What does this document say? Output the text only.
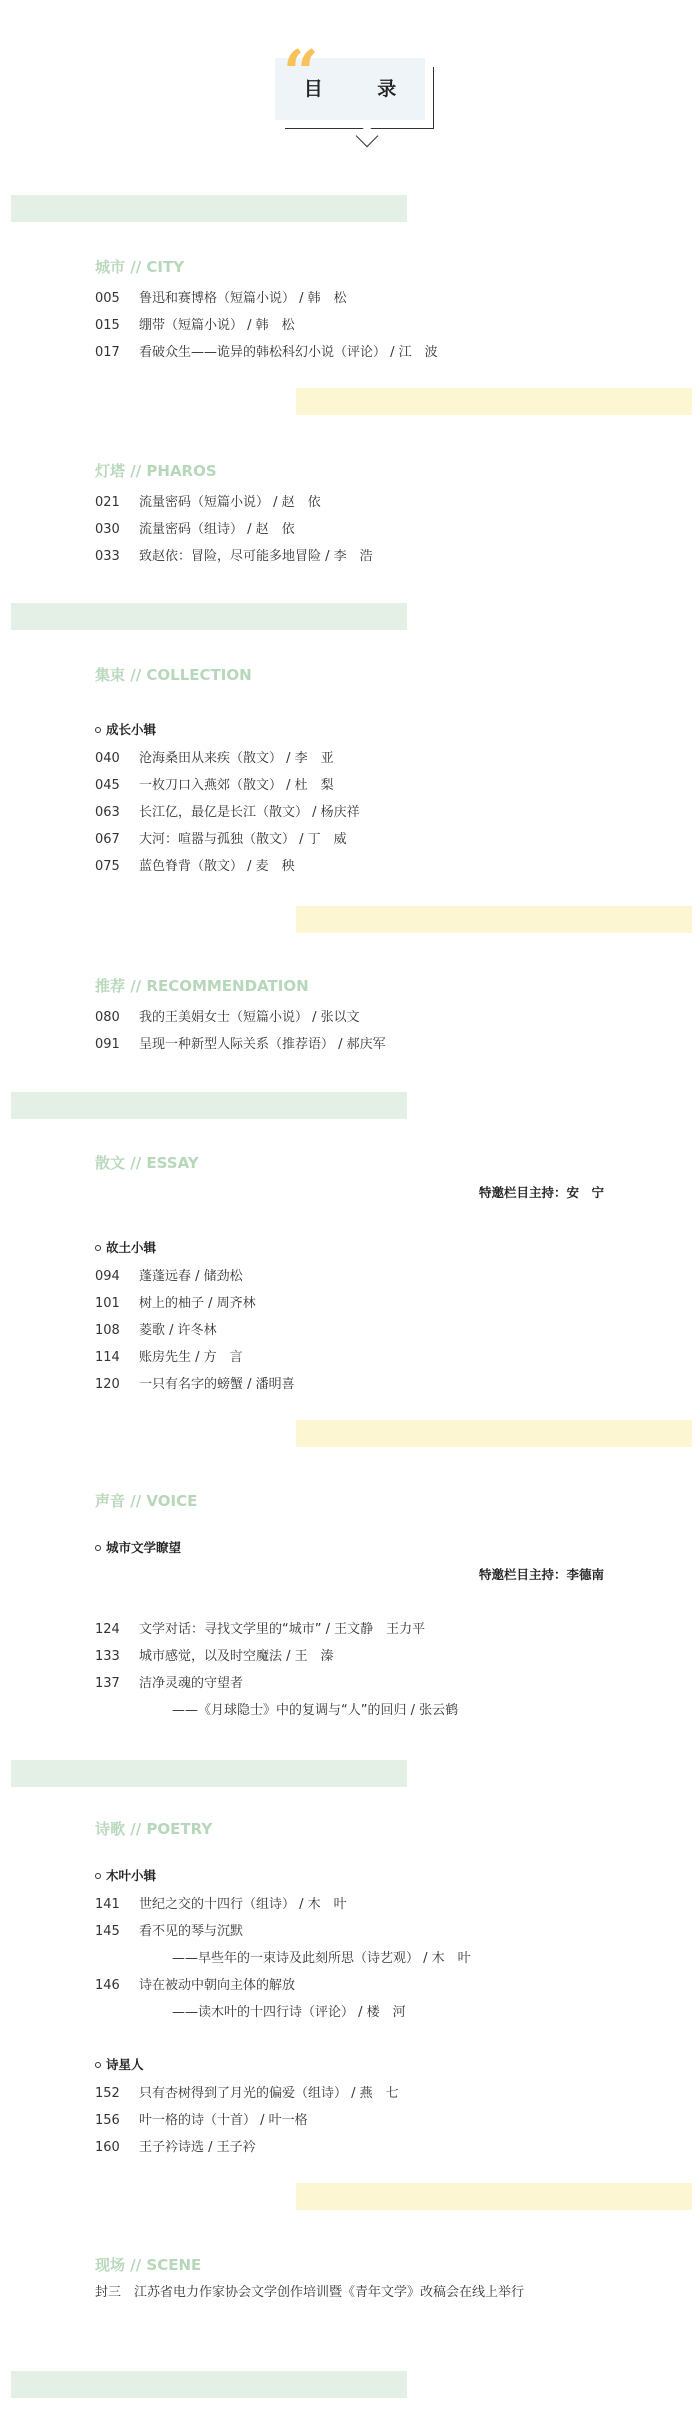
目 录
“
城市 // CITY
005 鲁迅和赛博格（短篇小说） / 韩　松
015 绷带（短篇小说） / 韩　松
017 看破众生——诡异的韩松科幻小说（评论） / 江　波
灯塔 // PHAROS
021 流量密码（短篇小说） / 赵　依
030 流量密码（组诗） / 赵　依
033 致赵依：冒险，尽可能多地冒险 / 李　浩
集束 // COLLECTION
成长小辑
040 沧海桑田从来疾（散文） / 李　亚
045 一枚刀口入燕郊（散文） / 杜　梨
063 长江亿，最亿是长江（散文） / 杨庆祥
067 大河：喧嚣与孤独（散文） / 丁　威
075 蓝色脊背（散文） / 麦　秧
推荐 // RECOMMENDATION
080 我的王美娟女士（短篇小说） / 张以文
091 呈现一种新型人际关系（推荐语） / 郝庆军
散文 // ESSAY
特邀栏目主持：安　宁
故土小辑
094 蓬蓬远春 / 储劲松
101 树上的柚子 / 周齐林
108 菱歌 / 许冬林
114 账房先生 / 方　言
120 一只有名字的螃蟹 / 潘明喜
声音 // VOICE
城市文学瞭望
特邀栏目主持：李德南
124 文学对话：寻找文学里的“城市” / 王文静　王力平
133 城市感觉，以及时空魔法 / 王　溱
137 洁净灵魂的守望者
——《月球隐士》中的复调与“人”的回归 / 张云鹤
诗歌 // POETRY
木叶小辑
141 世纪之交的十四行（组诗） / 木　叶
145 看不见的琴与沉默
——早些年的一束诗及此刻所思（诗艺观） / 木　叶
146 诗在被动中朝向主体的解放
——读木叶的十四行诗（评论） / 楼　河
诗星人
152 只有杏树得到了月光的偏爱（组诗） / 燕　七
156 叶一格的诗（十首） / 叶一格
160 王子衿诗选 / 王子衿
现场 // SCENE
封三　江苏省电力作家协会文学创作培训暨《青年文学》改稿会在线上举行
